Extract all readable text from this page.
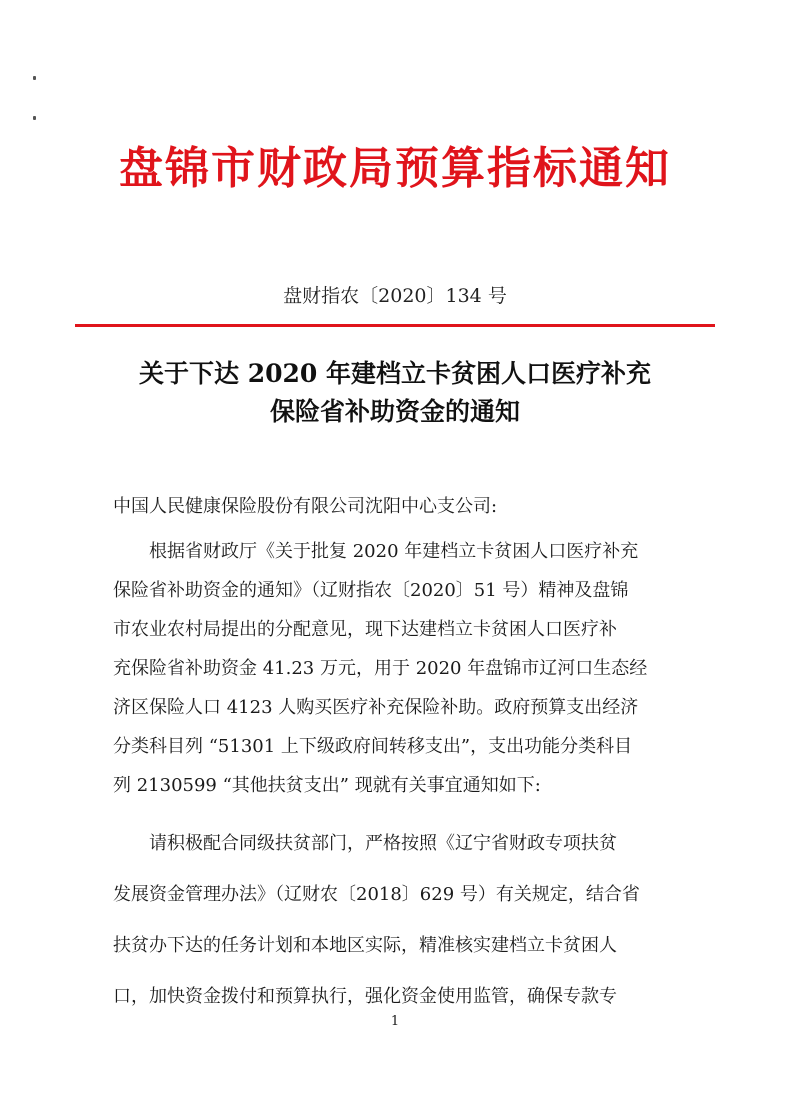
盘锦市财政局预算指标通知
盘财指农〔2020〕134 号
关于下达 2020 年建档立卡贫困人口医疗补充
保险省补助资金的通知
中国人民健康保险股份有限公司沈阳中心支公司:
根据省财政厅《关于批复 2020 年建档立卡贫困人口医疗补充
保险省补助资金的通知》（辽财指农〔2020〕51 号）精神及盘锦
市农业农村局提出的分配意见，现下达建档立卡贫困人口医疗补
充保险省补助资金 41.23 万元，用于 2020 年盘锦市辽河口生态经
济区保险人口 4123 人购买医疗补充保险补助。政府预算支出经济
分类科目列 “51301 上下级政府间转移支出”，支出功能分类科目
列 2130599 “其他扶贫支出” 现就有关事宜通知如下:
请积极配合同级扶贫部门，严格按照《辽宁省财政专项扶贫
发展资金管理办法》（辽财农〔2018〕629 号）有关规定，结合省
扶贫办下达的任务计划和本地区实际，精准核实建档立卡贫困人
口，加快资金拨付和预算执行，强化资金使用监管，确保专款专
1
